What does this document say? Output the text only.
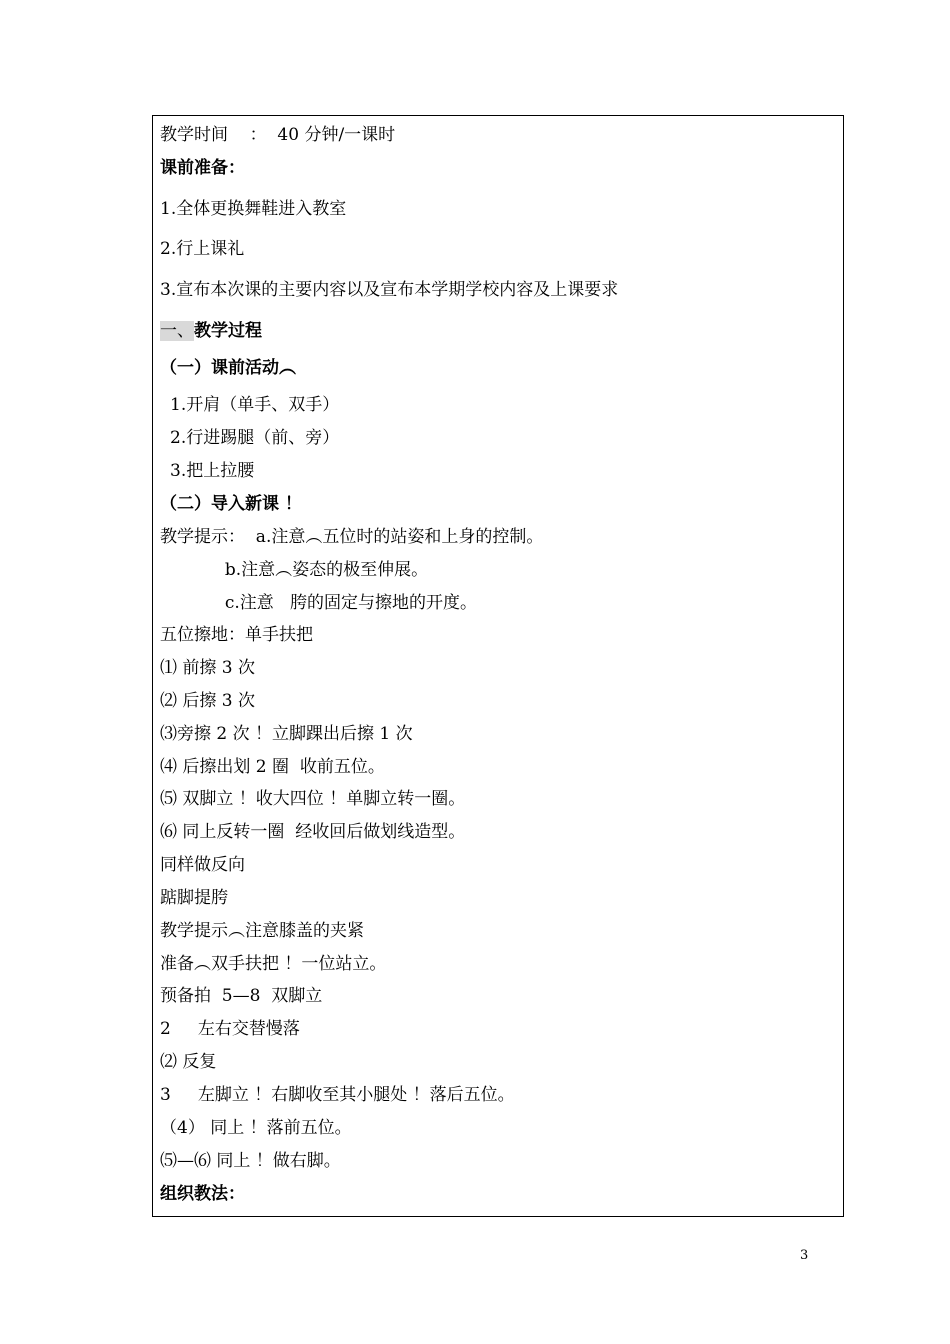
教学时间    ：  40 分钟/一课时
课前准备：
1.全体更换舞鞋进入教室
2.行上课礼
3.宣布本次课的主要内容以及宣布本学期学校内容及上课要求
一、教学过程
（一）课前活动︵
1.开肩（单手、双手）
2.行进踢腿（前、旁）
3.把上拉腰
（二）导入新课 ！
教学提示：  a.注意︵五位时的站姿和上身的控制。
b.注意︵姿态的极至伸展。
c.注意   胯的固定与擦地的开度。
五位擦地：单手扶把
⑴ 前擦 3 次
⑵ 后擦 3 次
⑶旁擦 2 次 ！立脚踝出后擦 1 次
⑷ 后擦出划 2 圈  收前五位。
⑸ 双脚立 ！收大四位 ！单脚立转一圈。
⑹ 同上反转一圈  经收回后做划线造型。
同样做反向
踮脚提胯
教学提示︵注意膝盖的夹紧
准备︵双手扶把 ！一位站立。
预备拍  5—8  双脚立
2     左右交替慢落
⑵ 反复
3     左脚立 ！右脚收至其小腿处 ！落后五位。
（4） 同上 ！落前五位。
⑸—⑹ 同上 ！做右脚。
组织教法：
3
